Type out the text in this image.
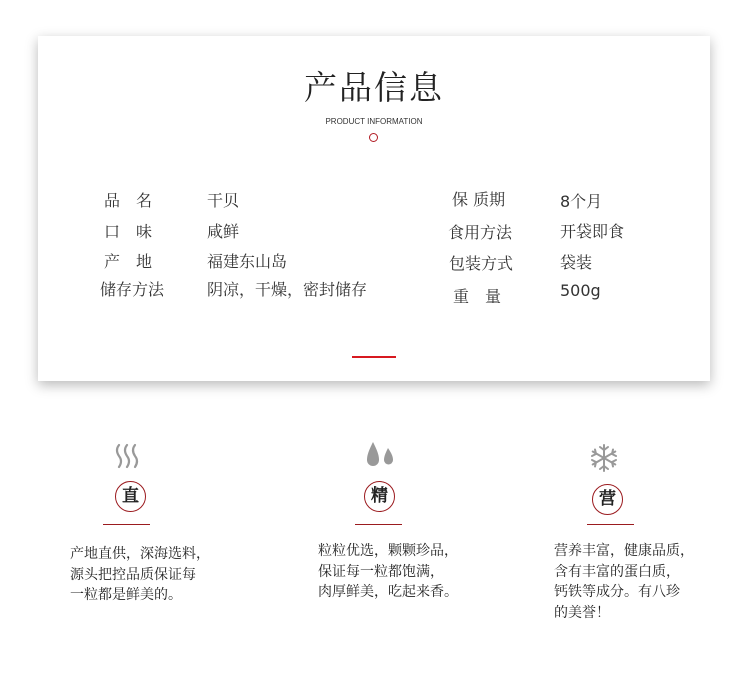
产品信息
PRODUCT INFORMATION
品　名	干贝
口　味	咸鲜
产　地	福建东山岛
储存方法	阴凉，干燥，密封储存
保 质期	8个月
食用方法	开袋即食
包装方式	袋装
重　量	500g
直
产地直供，深海选料，
源头把控品质保证每
一粒都是鲜美的。
精
粒粒优选，颗颗珍品，
保证每一粒都饱满，
肉厚鲜美，吃起来香。
营
营养丰富，健康品质，
含有丰富的蛋白质，
钙铁等成分。有八珍
的美誉！
